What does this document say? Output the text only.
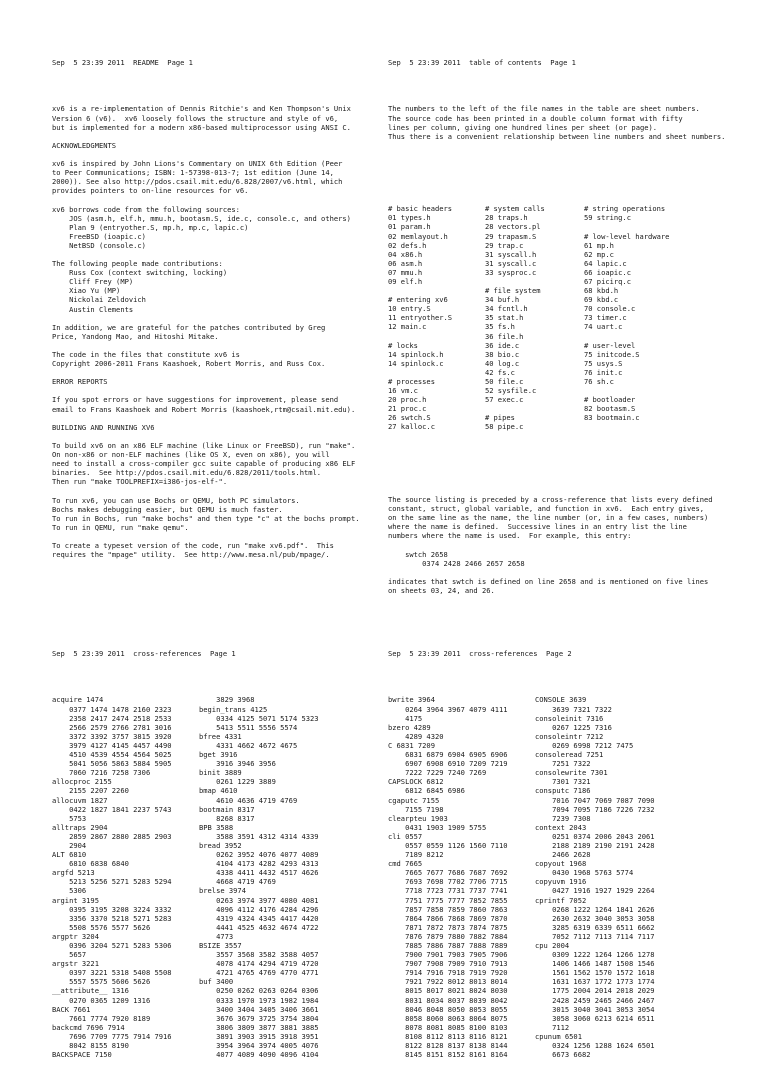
Sep  5 23:39 2011  README  Page 1

xv6 is a re-implementation of Dennis Ritchie's and Ken Thompson's Unix
Version 6 (v6).  xv6 loosely follows the structure and style of v6,
but is implemented for a modern x86-based multiprocessor using ANSI C.
ACKNOWLEDGMENTS
xv6 is inspired by John Lions's Commentary on UNIX 6th Edition (Peer
to Peer Communications; ISBN: 1-57398-013-7; 1st edition (June 14,
2000)). See also http://pdos.csail.mit.edu/6.828/2007/v6.html, which
provides pointers to on-line resources for v6.
xv6 borrows code from the following sources:
JOS (asm.h, elf.h, mmu.h, bootasm.S, ide.c, console.c, and others)
Plan 9 (entryother.S, mp.h, mp.c, lapic.c)
FreeBSD (ioapic.c)
NetBSD (console.c)
The following people made contributions:
Russ Cox (context switching, locking)
Cliff Frey (MP)
Xiao Yu (MP)
Nickolai Zeldovich
Austin Clements
In addition, we are grateful for the patches contributed by Greg
Price, Yandong Mao, and Hitoshi Mitake.
The code in the files that constitute xv6 is
Copyright 2006-2011 Frans Kaashoek, Robert Morris, and Russ Cox.
ERROR REPORTS
If you spot errors or have suggestions for improvement, please send
email to Frans Kaashoek and Robert Morris (kaashoek,rtm@csail.mit.edu).
BUILDING AND RUNNING XV6
To build xv6 on an x86 ELF machine (like Linux or FreeBSD), run "make".
On non-x86 or non-ELF machines (like OS X, even on x86), you will
need to install a cross-compiler gcc suite capable of producing x86 ELF
binaries.  See http://pdos.csail.mit.edu/6.828/2011/tools.html.
Then run "make TOOLPREFIX=i386-jos-elf-".
To run xv6, you can use Bochs or QEMU, both PC simulators.
Bochs makes debugging easier, but QEMU is much faster.
To run in Bochs, run "make bochs" and then type "c" at the bochs prompt.
To run in QEMU, run "make qemu".
To create a typeset version of the code, run "make xv6.pdf".  This
requires the "mpage" utility.  See http://www.mesa.nl/pub/mpage/.

Sep  5 23:39 2011  table of contents  Page 1

The numbers to the left of the file names in the table are sheet numbers.
The source code has been printed in a double column format with fifty
lines per column, giving one hundred lines per sheet (or page).
Thus there is a convenient relationship between line numbers and sheet numbers.

# basic headers
01 types.h
01 param.h
02 memlayout.h
02 defs.h
04 x86.h
06 asm.h
07 mmu.h
09 elf.h
# entering xv6
10 entry.S
11 entryother.S
12 main.c
# locks
14 spinlock.h
14 spinlock.c
# processes
16 vm.c
20 proc.h
21 proc.c
26 swtch.S
27 kalloc.c
# system calls
28 traps.h
28 vectors.pl
29 trapasm.S
29 trap.c
31 syscall.h
31 syscall.c
33 sysproc.c
# file system
34 buf.h
34 fcntl.h
35 stat.h
35 fs.h
36 file.h
36 ide.c
38 bio.c
40 log.c
42 fs.c
50 file.c
52 sysfile.c
57 exec.c
# pipes
58 pipe.c
# string operations
59 string.c
# low-level hardware
61 mp.h
62 mp.c
64 lapic.c
66 ioapic.c
67 picirq.c
68 kbd.h
69 kbd.c
70 console.c
73 timer.c
74 uart.c
# user-level
75 initcode.S
75 usys.S
76 init.c
76 sh.c
# bootloader
82 bootasm.S
83 bootmain.c

The source listing is preceded by a cross-reference that lists every defined
constant, struct, global variable, and function in xv6.  Each entry gives,
on the same line as the name, the line number (or, in a few cases, numbers)
where the name is defined.  Successive lines in an entry list the line
numbers where the name is used.  For example, this entry:
swtch 2658
0374 2428 2466 2657 2658
indicates that swtch is defined on line 2658 and is mentioned on five lines
on sheets 03, 24, and 26.

Sep  5 23:39 2011  cross-references  Page 1

acquire 1474
0377 1474 1478 2160 2323
2358 2417 2474 2518 2533
2566 2579 2766 2781 3016
3372 3392 3757 3815 3920
3979 4127 4145 4457 4490
4510 4539 4554 4564 5025
5041 5056 5863 5884 5905
7060 7216 7258 7306
allocproc 2155
2155 2207 2260
allocuvm 1827
0422 1827 1841 2237 5743
5753
alltraps 2904
2859 2867 2880 2885 2903
2904
ALT 6810
6810 6838 6840
argfd 5213
5213 5256 5271 5283 5294
5306
argint 3195
0395 3195 3208 3224 3332
3356 3370 5218 5271 5283
5508 5576 5577 5626
argptr 3204
0396 3204 5271 5283 5306
5657
argstr 3221
0397 3221 5318 5408 5508
5557 5575 5606 5626
__attribute__ 1316
0270 0365 1209 1316
BACK 7661
7661 7774 7920 8189
backcmd 7696 7914
7696 7709 7775 7914 7916
8042 8155 8190
BACKSPACE 7150
3829 3968
begin_trans 4125
0334 4125 5071 5174 5323
5413 5511 5556 5574
bfree 4331
4331 4662 4672 4675
bget 3916
3916 3946 3956
binit 3889
0261 1229 3889
bmap 4610
4610 4636 4719 4769
bootmain 8317
8268 8317
BPB 3588
3588 3591 4312 4314 4339
bread 3952
0262 3952 4076 4077 4089
4104 4173 4282 4293 4313
4338 4411 4432 4517 4626
4668 4719 4769
brelse 3974
0263 3974 3977 4080 4081
4096 4112 4176 4284 4296
4319 4324 4345 4417 4420
4441 4525 4632 4674 4722
4773
BSIZE 3557
3557 3568 3582 3588 4057
4078 4174 4294 4719 4720
4721 4765 4769 4770 4771
buf 3400
0250 0262 0263 0264 0306
0333 1970 1973 1982 1984
3400 3404 3405 3406 3661
3676 3679 3725 3754 3804
3806 3809 3877 3881 3885
3891 3903 3915 3918 3951
3954 3964 3974 4005 4076
4077 4089 4090 4096 4104

Sep  5 23:39 2011  cross-references  Page 2

bwrite 3964
0264 3964 3967 4079 4111
4175
bzero 4289
4289 4320
C 6831 7209
6831 6879 6904 6905 6906
6907 6908 6910 7209 7219
7222 7229 7240 7269
CAPSLOCK 6812
6812 6845 6986
cgaputc 7155
7155 7198
clearpteu 1903
0431 1903 1909 5755
cli 0557
0557 0559 1126 1560 7110
7189 8212
cmd 7665
7665 7677 7686 7687 7692
7693 7698 7702 7706 7715
7718 7723 7731 7737 7741
7751 7775 7777 7852 7855
7857 7858 7859 7860 7863
7864 7866 7868 7869 7870
7871 7872 7873 7874 7875
7876 7879 7880 7882 7884
7885 7886 7887 7888 7889
7900 7901 7903 7905 7906
7907 7908 7909 7910 7913
7914 7916 7918 7919 7920
7921 7922 8012 8013 8014
8015 8017 8021 8024 8030
8031 8034 8037 8039 8042
8046 8048 8050 8053 8055
8058 8060 8063 8064 8075
8078 8081 8085 8100 8103
8108 8112 8113 8116 8121
8122 8128 8137 8138 8144
8145 8151 8152 8161 8164
CONSOLE 3639
3639 7321 7322
consoleinit 7316
0267 1225 7316
consoleintr 7212
0269 6998 7212 7475
consoleread 7251
7251 7322
consolewrite 7301
7301 7321
consputc 7186
7016 7047 7069 7087 7090
7094 7095 7186 7226 7232
7239 7308
context 2043
0251 0374 2006 2043 2061
2188 2189 2190 2191 2428
2466 2628
copyout 1968
0430 1968 5763 5774
copyuvm 1916
0427 1916 1927 1929 2264
cprintf 7052
0268 1222 1264 1841 2626
2630 2632 3040 3053 3058
3285 6319 6339 6511 6662
7052 7112 7113 7114 7117
cpu 2004
0309 1222 1264 1266 1278
1406 1466 1487 1508 1546
1561 1562 1570 1572 1618
1631 1637 1772 1773 1774
1775 2004 2014 2018 2029
2428 2459 2465 2466 2467
3015 3040 3041 3053 3054
3058 3060 6213 6214 6511
7112
cpunum 6501
0324 1256 1288 1624 6501
6673 6682
